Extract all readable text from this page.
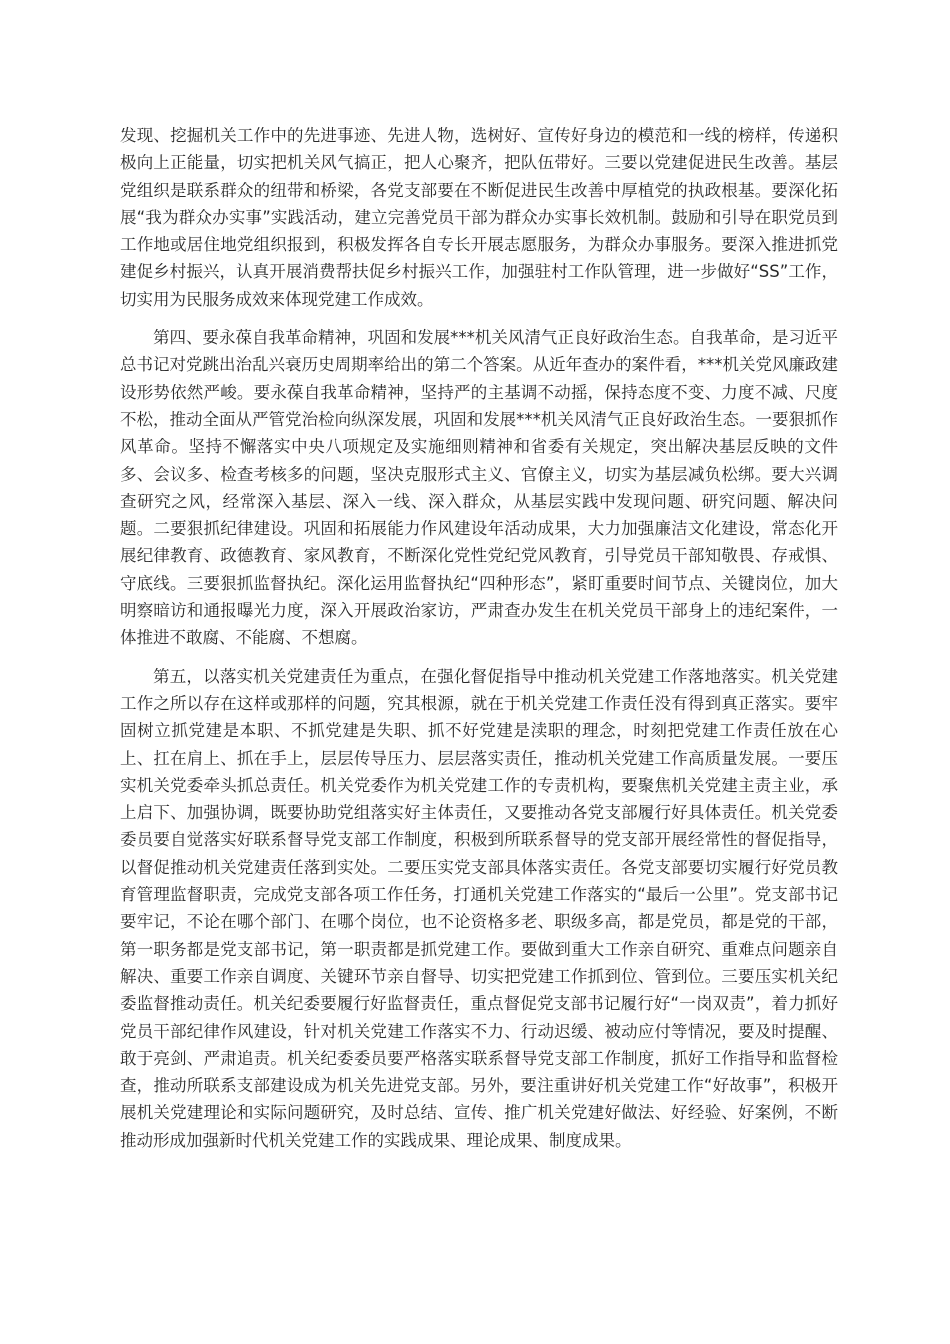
发现、挖掘机关工作中的先进事迹、先进人物，选树好、宣传好身边的模范和一线的榜样，传递积极向上正能量，切实把机关风气搞正，把人心聚齐，把队伍带好。三要以党建促进民生改善。基层党组织是联系群众的纽带和桥梁，各党支部要在不断促进民生改善中厚植党的执政根基。要深化拓展“我为群众办实事”实践活动，建立完善党员干部为群众办实事长效机制。鼓励和引导在职党员到工作地或居住地党组织报到，积极发挥各自专长开展志愿服务，为群众办事服务。要深入推进抓党建促乡村振兴，认真开展消费帮扶促乡村振兴工作，加强驻村工作队管理，进一步做好“SS”工作，切实用为民服务成效来体现党建工作成效。

第四、要永葆自我革命精神，巩固和发展***机关风清气正良好政治生态。自我革命，是习近平总书记对党跳出治乱兴衰历史周期率给出的第二个答案。从近年查办的案件看，***机关党风廉政建设形势依然严峻。要永葆自我革命精神，坚持严的主基调不动摇，保持态度不变、力度不减、尺度不松，推动全面从严管党治检向纵深发展，巩固和发展***机关风清气正良好政治生态。一要狠抓作风革命。坚持不懈落实中央八项规定及实施细则精神和省委有关规定，突出解决基层反映的文件多、会议多、检查考核多的问题，坚决克服形式主义、官僚主义，切实为基层减负松绑。要大兴调查研究之风，经常深入基层、深入一线、深入群众，从基层实践中发现问题、研究问题、解决问题。二要狠抓纪律建设。巩固和拓展能力作风建设年活动成果，大力加强廉洁文化建设，常态化开展纪律教育、政德教育、家风教育，不断深化党性党纪党风教育，引导党员干部知敬畏、存戒惧、守底线。三要狠抓监督执纪。深化运用监督执纪“四种形态”，紧盯重要时间节点、关键岗位，加大明察暗访和通报曝光力度，深入开展政治家访，严肃查办发生在机关党员干部身上的违纪案件，一体推进不敢腐、不能腐、不想腐。

第五，以落实机关党建责任为重点，在强化督促指导中推动机关党建工作落地落实。机关党建工作之所以存在这样或那样的问题，究其根源，就在于机关党建工作责任没有得到真正落实。要牢固树立抓党建是本职、不抓党建是失职、抓不好党建是渎职的理念，时刻把党建工作责任放在心上、扛在肩上、抓在手上，层层传导压力、层层落实责任，推动机关党建工作高质量发展。一要压实机关党委牵头抓总责任。机关党委作为机关党建工作的专责机构，要聚焦机关党建主责主业，承上启下、加强协调，既要协助党组落实好主体责任，又要推动各党支部履行好具体责任。机关党委委员要自觉落实好联系督导党支部工作制度，积极到所联系督导的党支部开展经常性的督促指导，以督促推动机关党建责任落到实处。二要压实党支部具体落实责任。各党支部要切实履行好党员教育管理监督职责，完成党支部各项工作任务，打通机关党建工作落实的“最后一公里”。党支部书记要牢记，不论在哪个部门、在哪个岗位，也不论资格多老、职级多高，都是党员，都是党的干部，第一职务都是党支部书记，第一职责都是抓党建工作。要做到重大工作亲自研究、重难点问题亲自解决、重要工作亲自调度、关键环节亲自督导、切实把党建工作抓到位、管到位。三要压实机关纪委监督推动责任。机关纪委要履行好监督责任，重点督促党支部书记履行好“一岗双责”，着力抓好党员干部纪律作风建设，针对机关党建工作落实不力、行动迟缓、被动应付等情况，要及时提醒、敢于亮剑、严肃追责。机关纪委委员要严格落实联系督导党支部工作制度，抓好工作指导和监督检查，推动所联系支部建设成为机关先进党支部。另外，要注重讲好机关党建工作“好故事”，积极开展机关党建理论和实际问题研究，及时总结、宣传、推广机关党建好做法、好经验、好案例，不断推动形成加强新时代机关党建工作的实践成果、理论成果、制度成果。
